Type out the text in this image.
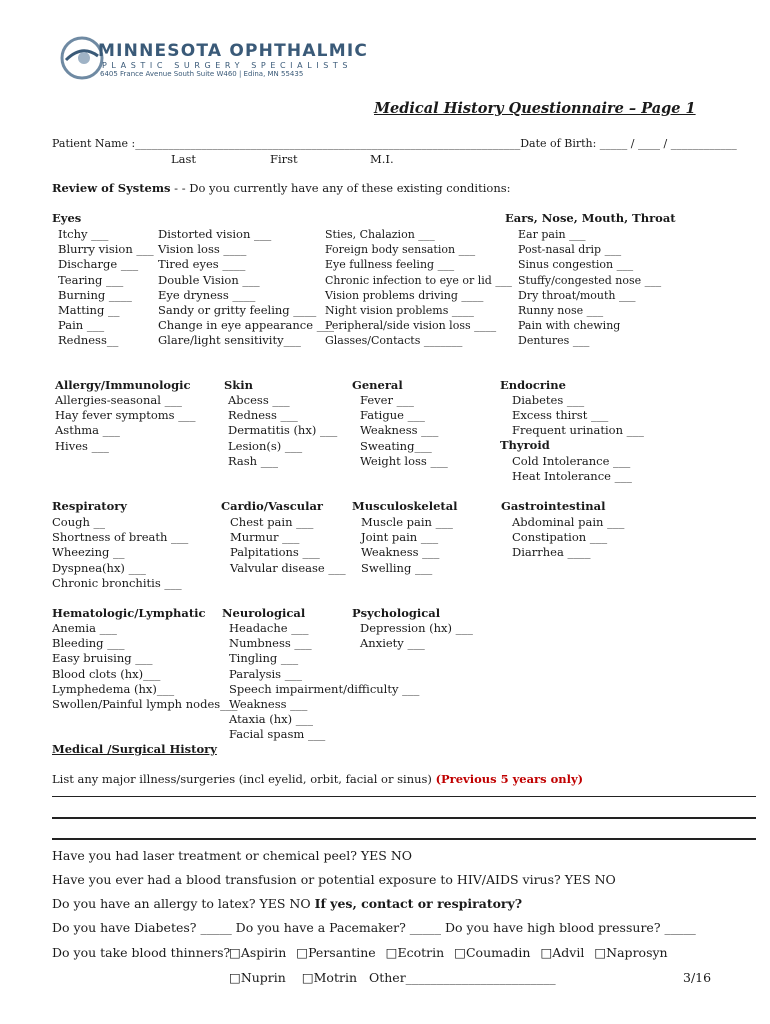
MINNESOTA OPHTHALMIC
PLASTIC SURGERY SPECIALISTS
6405 France Avenue South Suite W460 | Edina, MN 55435
Medical History Questionnaire – Page 1
Patient Name :______________________________________________________________________Date of Birth: _____ / ____ / ____________
Last	First	M.I.
Review of Systems - - Do you currently have any of these existing conditions:
Eyes
Itchy ___
Blurry vision ___
Discharge ___
Tearing ___
Burning ____
Matting __
Pain ___
Redness__
Distorted vision ___
Vision loss ____
Tired eyes ____
Double Vision ___
Eye dryness ____
Sandy or gritty feeling ____
Change in eye appearance ___
Glare/light sensitivity___
Sties, Chalazion ___
Foreign body sensation ___
Eye fullness feeling ___
Chronic infection to eye or lid ___
Vision problems driving ____
Night vision problems ____
Peripheral/side vision loss ____
Glasses/Contacts _______
Ears, Nose, Mouth, Throat
Ear pain ___
Post-nasal drip ___
Sinus congestion ___
Stuffy/congested nose ___
Dry throat/mouth ___
Runny nose ___
Pain with chewing
Dentures ___
Allergy/Immunologic
Allergies-seasonal ___
Hay fever symptoms ___
Asthma ___
Hives ___
Skin
Abcess ___
Redness ___
Dermatitis (hx) ___
Lesion(s) ___
Rash ___
General
Fever ___
Fatigue ___
Weakness ___
Sweating___
Weight loss ___
Endocrine
Diabetes ___
Excess thirst ___
Frequent urination ___
Thyroid
Cold Intolerance ___
Heat Intolerance ___
Respiratory
Cough __
Shortness of breath ___
Wheezing __
Dyspnea(hx) ___
Chronic bronchitis ___
Cardio/Vascular
Chest pain ___
Murmur ___
Palpitations ___
Valvular disease ___
Musculoskeletal
Muscle pain ___
Joint pain ___
Weakness ___
Swelling ___
Gastrointestinal
Abdominal pain ___
Constipation ___
Diarrhea ____
Hematologic/Lymphatic
Anemia ___
Bleeding ___
Easy bruising ___
Blood clots (hx)___
Lymphedema (hx)___
Swollen/Painful lymph nodes___
Neurological
Headache ___
Numbness ___
Tingling ___
Paralysis ___
Speech impairment/difficulty ___
Weakness ___
Ataxia (hx) ___
Facial spasm ___
Psychological
Depression (hx) ___
Anxiety ___
Medical /Surgical History
List any major illness/surgeries (incl eyelid, orbit, facial or sinus) (Previous 5 years only)
Have you had laser treatment or chemical peel? YES NO
Have you ever had a blood transfusion or potential exposure to HIV/AIDS virus? YES NO
Do you have an allergy to latex? YES NO If yes, contact or respiratory?
Do you have Diabetes? _____ Do you have a Pacemaker? _____ Do you have high blood pressure? _____
Do you take blood thinners?
□Aspirin □Persantine □Ecotrin □Coumadin □Advil □Naprosyn
□Nuprin □Motrin Other________________________	3/16
